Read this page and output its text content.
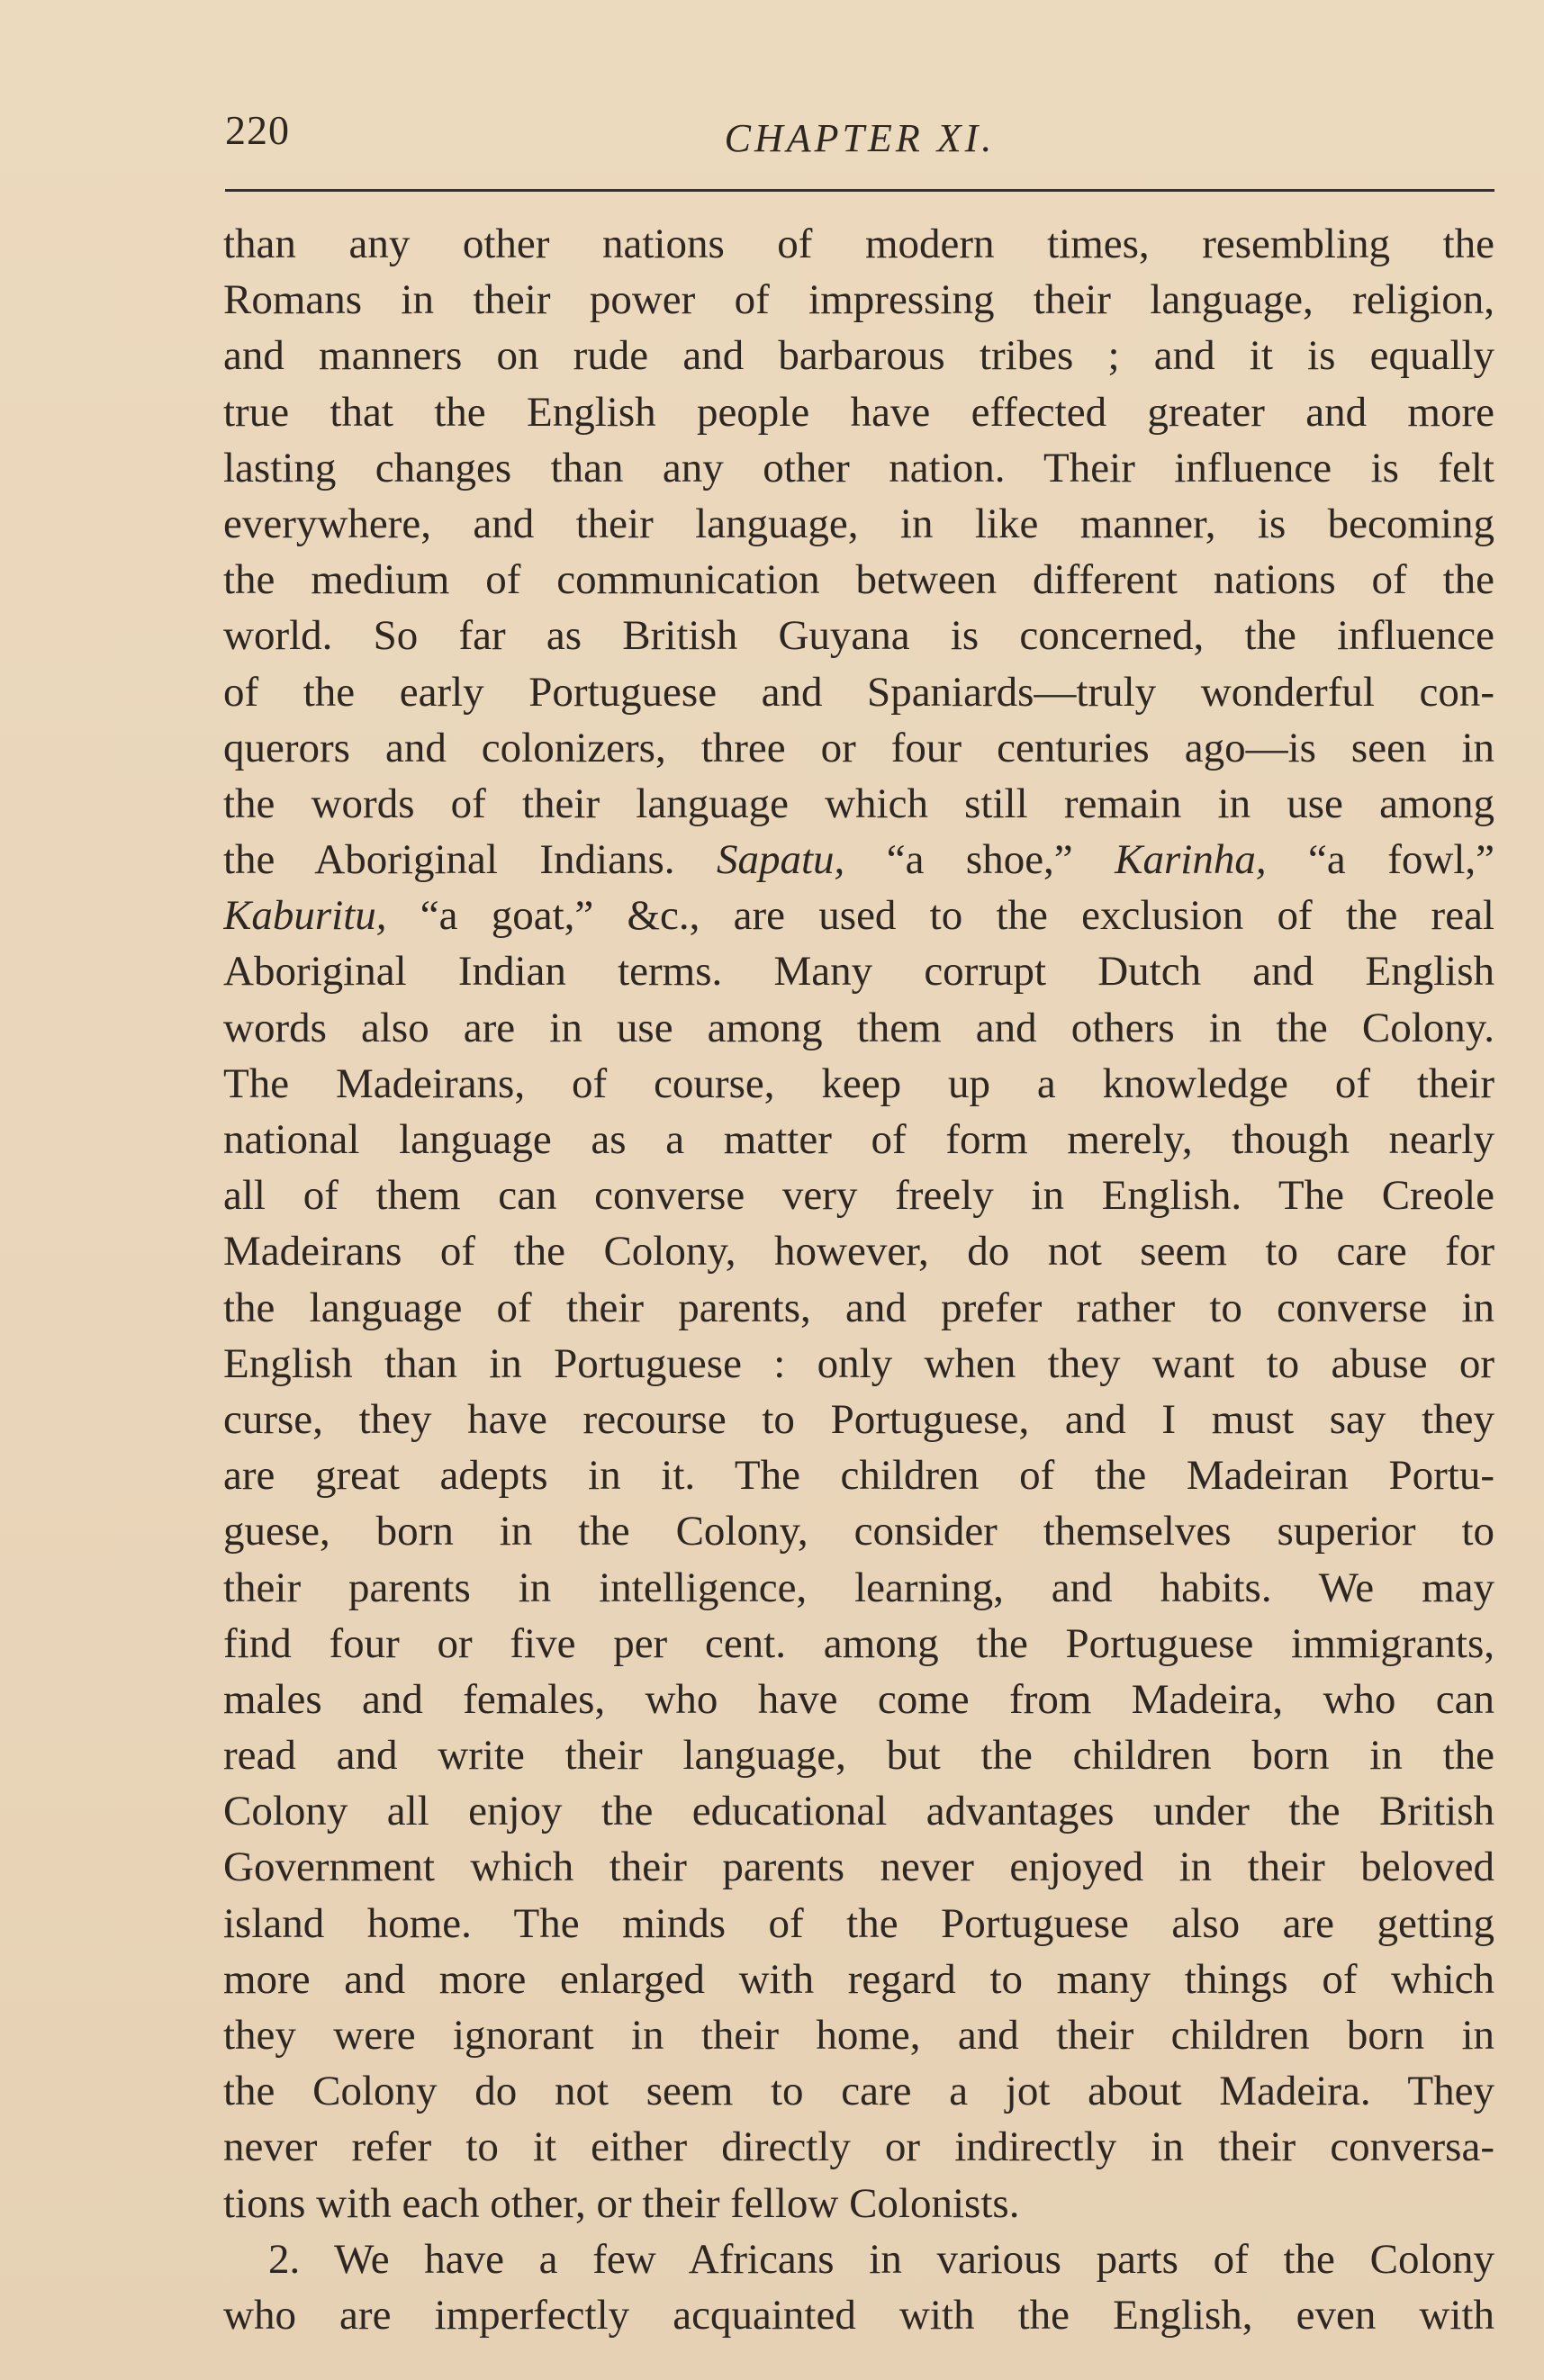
220	CHAPTER XI.
than any other nations of modern times, resembling the
Romans in their power of impressing their language, religion,
and manners on rude and barbarous tribes ; and it is equally
true that the English people have effected greater and more
lasting changes than any other nation. Their influence is felt
everywhere, and their language, in like manner, is becoming
the medium of communication between different nations of the
world. So far as British Guyana is concerned, the influence
of the early Portuguese and Spaniards—truly wonderful con-
querors and colonizers, three or four centuries ago—is seen in
the words of their language which still remain in use among
the Aboriginal Indians. Sapatu, “a shoe,” Karinha, “a fowl,”
Kaburitu, “a goat,” &c., are used to the exclusion of the real
Aboriginal Indian terms. Many corrupt Dutch and English
words also are in use among them and others in the Colony.
The Madeirans, of course, keep up a knowledge of their
national language as a matter of form merely, though nearly
all of them can converse very freely in English. The Creole
Madeirans of the Colony, however, do not seem to care for
the language of their parents, and prefer rather to converse in
English than in Portuguese : only when they want to abuse or
curse, they have recourse to Portuguese, and I must say they
are great adepts in it. The children of the Madeiran Portu-
guese, born in the Colony, consider themselves superior to
their parents in intelligence, learning, and habits. We may
find four or five per cent. among the Portuguese immigrants,
males and females, who have come from Madeira, who can
read and write their language, but the children born in the
Colony all enjoy the educational advantages under the British
Government which their parents never enjoyed in their beloved
island home. The minds of the Portuguese also are getting
more and more enlarged with regard to many things of which
they were ignorant in their home, and their children born in
the Colony do not seem to care a jot about Madeira. They
never refer to it either directly or indirectly in their conversa-
tions with each other, or their fellow Colonists.
2. We have a few Africans in various parts of the Colony
who are imperfectly acquainted with the English, even with
